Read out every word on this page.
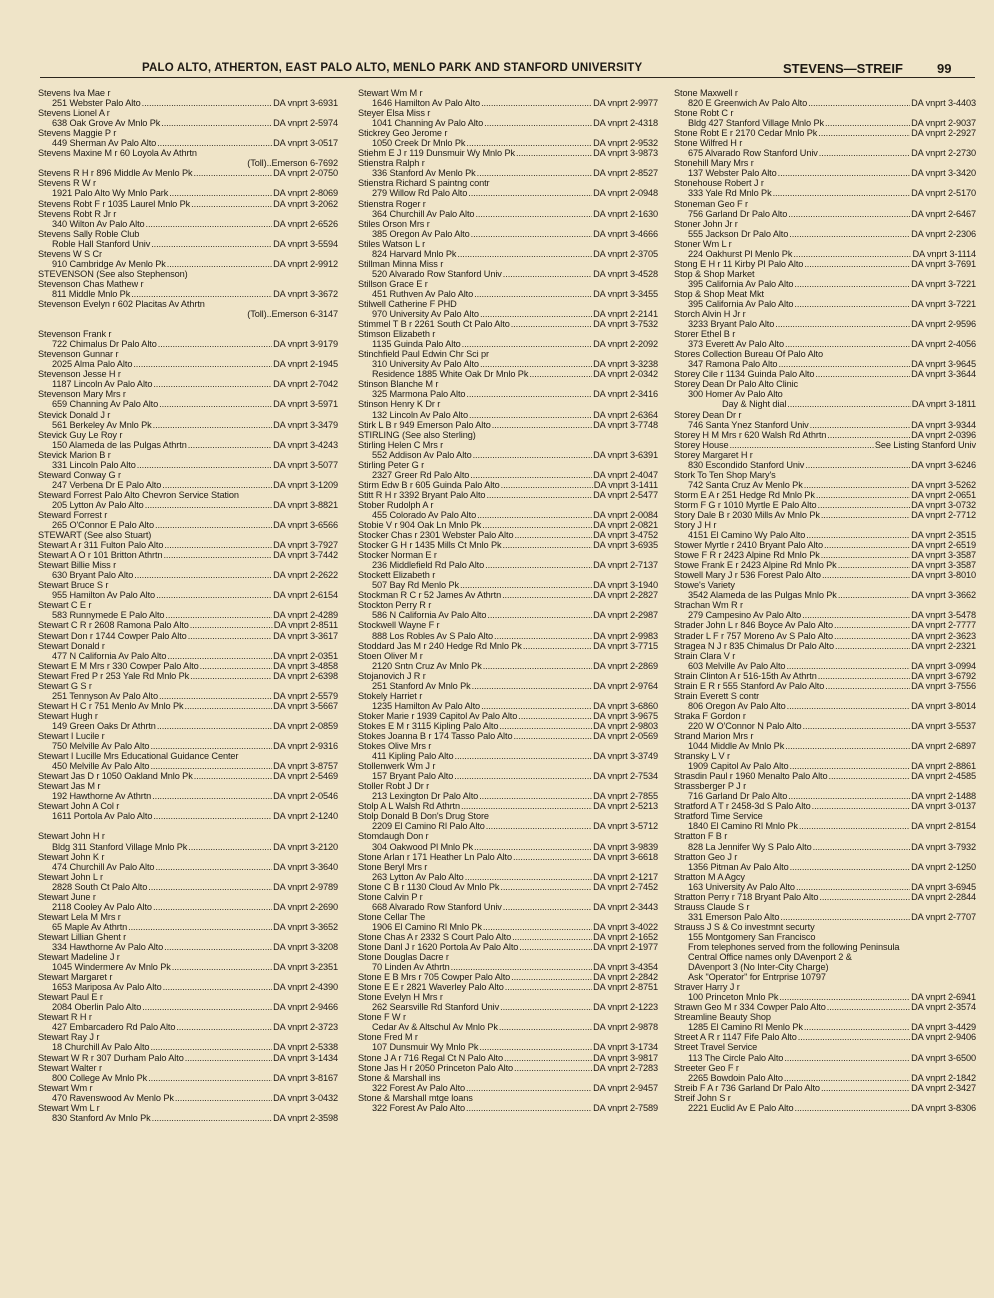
PALO ALTO, ATHERTON, EAST PALO ALTO, MENLO PARK AND STANFORD UNIVERSITY	STEVENS—STREIF	99
Stevens Iva Mae r
251 Webster Palo Alto .....	DA vnprt 3-6931
Stevens Lionel A r
638 Oak Grove Av Mnlo Pk .....	DA vnprt 2-5974
Stevens Maggie P r
449 Sherman Av Palo Alto .....	DA vnprt 3-0517
Stevens Maxine M r 60 Loyola Av Athrtn
(Toll)..Emerson 6-7692
Stevens R H r 896 Middle Av Menlo Pk .....	DA vnprt 2-0750
Stevens R W r
1921 Palo Alto Wy Mnlo Park .....	DA vnprt 2-8069
Stevens Robt F r 1035 Laurel Mnlo Pk .....	DA vnprt 3-2062
Stevens Robt R Jr r
340 Wilton Av Palo Alto .....	DA vnprt 2-6526
Stevens Sally Roble Club
Roble Hall Stanford Univ .....	DA vnprt 3-5594
Stevens W S Cr
910 Cambridge Av Menlo Pk .....	DA vnprt 2-9912
STEVENSON (See also Stephenson)
Stevenson Chas Mathew r
811 Middle Mnlo Pk .....	DA vnprt 3-3672
Stevenson Evelyn r 602 Placitas Av Athrtn
(Toll)..Emerson 6-3147
Stevenson Frank r
722 Chimalus Dr Palo Alto .....	DA vnprt 3-9179
Stevenson Gunnar r
2025 Alma Palo Alto .....	DA vnprt 2-1945
Stevenson Jesse H r
1187 Lincoln Av Palo Alto .....	DA vnprt 2-7042
Stevenson Mary Mrs r
659 Channing Av Palo Alto .....	DA vnprt 3-5971
Stevick Donald J r
561 Berkeley Av Mnlo Pk .....	DA vnprt 3-3479
Stevick Guy Le Roy r
150 Alameda de las Pulgas Athrtn .....	DA vnprt 3-4243
Stevick Marion B r
331 Lincoln Palo Alto .....	DA vnprt 3-5077
Steward Conway G r
247 Verbena Dr E Palo Alto .....	DA vnprt 3-1209
Steward Forrest Palo Alto Chevron Service Station
205 Lytton Av Palo Alto .....	DA vnprt 3-8821
Steward Forrest r
265 O'Connor E Palo Alto .....	DA vnprt 3-6566
STEWART (See also Stuart)
Stewart A r 311 Fulton Palo Alto .....	DA vnprt 3-7927
Stewart A O r 101 Britton Athrtn .....	DA vnprt 3-7442
Stewart Billie Miss r
630 Bryant Palo Alto .....	DA vnprt 2-2622
Stewart Bruce S r
955 Hamilton Av Palo Alto .....	DA vnprt 2-6154
Stewart C E r
583 Runnymede E Palo Alto .....	DA vnprt 2-4289
Stewart C R r 2608 Ramona Palo Alto .....	DA vnprt 2-8511
Stewart Don r 1744 Cowper Palo Alto .....	DA vnprt 3-3617
Stewart Donald r
477 N California Av Palo Alto .....	DA vnprt 2-0351
Stewart E M Mrs r 330 Cowper Palo Alto .....	DA vnprt 3-4858
Stewart Fred P r 253 Yale Rd Mnlo Pk .....	DA vnprt 2-6398
Stewart G S r
251 Tennyson Av Palo Alto .....	DA vnprt 2-5579
Stewart H C r 751 Menlo Av Mnlo Pk .....	DA vnprt 3-5667
Stewart Hugh r
149 Green Oaks Dr Athrtn .....	DA vnprt 2-0859
Stewart I Lucile r
750 Melville Av Palo Alto .....	DA vnprt 2-9316
Stewart I Lucille Mrs Educational Guidance Center
450 Melville Av Palo Alto .....	DA vnprt 3-8757
Stewart Jas D r 1050 Oakland Mnlo Pk .....	DA vnprt 2-5469
Stewart Jas M r
192 Hawthorne Av Athrtn .....	DA vnprt 2-0546
Stewart John A Col r
1611 Portola Av Palo Alto .....	DA vnprt 2-1240
Stewart John H r
Bldg 311 Stanford Village Mnlo Pk .....	DA vnprt 3-2120
Stewart John K r
474 Churchill Av Palo Alto .....	DA vnprt 3-3640
Stewart John L r
2828 South Ct Palo Alto .....	DA vnprt 2-9789
Stewart June r
2118 Cooley Av Palo Alto .....	DA vnprt 2-2690
Stewart Lela M Mrs r
65 Maple Av Athrtn .....	DA vnprt 3-3652
Stewart Lillian Ghent r
334 Hawthorne Av Palo Alto .....	DA vnprt 3-3208
Stewart Madeline J r
1045 Windermere Av Mnlo Pk .....	DA vnprt 3-2351
Stewart Margaret r
1653 Mariposa Av Palo Alto .....	DA vnprt 2-4390
Stewart Paul E r
2084 Oberlin Palo Alto .....	DA vnprt 2-9466
Stewart R H r
427 Embarcadero Rd Palo Alto .....	DA vnprt 2-3723
Stewart Ray J r
18 Churchill Av Palo Alto .....	DA vnprt 2-5338
Stewart W R r 307 Durham Palo Alto .....	DA vnprt 3-1434
Stewart Walter r
800 College Av Mnlo Pk .....	DA vnprt 3-8167
Stewart Wm r
470 Ravenswood Av Menlo Pk .....	DA vnprt 3-0432
Stewart Wm L r
830 Stanford Av Mnlo Pk .....	DA vnprt 2-3598
Stewart Wm M r
1646 Hamilton Av Palo Alto .....	DA vnprt 2-9977
Steyer Elsa Miss r
1041 Channing Av Palo Alto .....	DA vnprt 2-4318
Stickrey Geo Jerome r
1050 Creek Dr Mnlo Pk .....	DA vnprt 2-9532
Stiehm E J r 119 Dunsmuir Wy Mnlo Pk .....	DA vnprt 3-9873
Stienstra Ralph r
336 Stanford Av Menlo Pk .....	DA vnprt 2-8527
Stienstra Richard S paintng contr
279 Willow Rd Palo Alto .....	DA vnprt 2-0948
Stienstra Roger r
364 Churchill Av Palo Alto .....	DA vnprt 2-1630
Stiles Orson Mrs r
385 Oregon Av Palo Alto .....	DA vnprt 3-4666
Stiles Watson L r
824 Harvard Mnlo Pk .....	DA vnprt 2-3705
Stillman Minna Miss r
520 Alvarado Row Stanford Univ .....	DA vnprt 3-4528
Stillson Grace E r
451 Ruthven Av Palo Alto .....	DA vnprt 3-3455
Stilwell Catherine F PHD
970 University Av Palo Alto .....	DA vnprt 2-2141
Stimmel T B r 2261 South Ct Palo Alto .....	DA vnprt 3-7532
Stimson Elizabeth r
1135 Guinda Palo Alto .....	DA vnprt 2-2092
Stinchfield Paul Edwin Chr Sci pr
310 University Av Palo Alto .....	DA vnprt 3-3238
Residence 1885 White Oak Dr Mnlo Pk .....	DA vnprt 2-0342
Stinson Blanche M r
325 Marmona Palo Alto .....	DA vnprt 2-3416
Stinson Henry K Dr r
132 Lincoln Av Palo Alto .....	DA vnprt 2-6364
Stirk L B r 949 Emerson Palo Alto .....	DA vnprt 3-7748
STIRLING (See also Sterling)
Stirling Helen C Mrs r
552 Addison Av Palo Alto .....	DA vnprt 3-6391
Stirling Peter G r
2327 Greer Rd Palo Alto .....	DA vnprt 2-4047
Stirm Edw B r 605 Guinda Palo Alto .....	DA vnprt 3-1411
Stitt R H r 3392 Bryant Palo Alto .....	DA vnprt 2-5477
Stober Rudolph A r
455 Colorado Av Palo Alto .....	DA vnprt 2-0084
Stobie V r 904 Oak Ln Mnlo Pk .....	DA vnprt 2-0821
Stocker Chas r 2301 Webster Palo Alto .....	DA vnprt 3-4752
Stocker G H r 1435 Mills Ct Mnlo Pk .....	DA vnprt 3-6935
Stocker Norman E r
236 Middlefield Rd Palo Alto .....	DA vnprt 2-7137
Stockett Elizabeth r
507 Bay Rd Menlo Pk .....	DA vnprt 3-1940
Stockman R C r 52 James Av Athrtn .....	DA vnprt 2-2827
Stockton Perry R r
586 N California Av Palo Alto .....	DA vnprt 2-2987
Stockwell Wayne F r
888 Los Robles Av S Palo Alto .....	DA vnprt 2-9983
Stoddard Jas M r 240 Hedge Rd Mnlo Pk .....	DA vnprt 3-7715
Stoen Oliver M r
2120 Sntn Cruz Av Mnlo Pk .....	DA vnprt 2-2869
Stojanovich J R r
251 Stanford Av Mnlo Pk .....	DA vnprt 2-9764
Stokely Harriet r
1235 Hamilton Av Palo Alto .....	DA vnprt 3-6860
Stoker Marie r 1939 Capitol Av Palo Alto .....	DA vnprt 3-9675
Stokes E M r 3115 Kipling Palo Alto .....	DA vnprt 2-9803
Stokes Joanna B r 174 Tasso Palo Alto .....	DA vnprt 2-0569
Stokes Olive Mrs r
411 Kipling Palo Alto .....	DA vnprt 3-3749
Stollenwerk Wm J r
157 Bryant Palo Alto .....	DA vnprt 2-7534
Stoller Robt J Dr r
213 Lexington Dr Palo Alto .....	DA vnprt 2-7855
Stolp A L Walsh Rd Athrtn .....	DA vnprt 2-5213
Stolp Donald B Don's Drug Store
2209 El Camino Rl Palo Alto .....	DA vnprt 3-5712
Stomdaugh Don r
304 Oakwood Pl Mnlo Pk .....	DA vnprt 3-9839
Stone Arlan r 171 Heather Ln Palo Alto .....	DA vnprt 3-6618
Stone Beryl Mrs r
263 Lytton Av Palo Alto .....	DA vnprt 2-1217
Stone C B r 1130 Cloud Av Mnlo Pk .....	DA vnprt 2-7452
Stone Calvin P r
668 Alvarado Row Stanford Univ .....	DA vnprt 2-3443
Stone Cellar The
1906 El Camino Rl Mnlo Pk .....	DA vnprt 3-4022
Stone Chas A r 2332 S Court Palo Alto .....	DA vnprt 2-1652
Stone Danl J r 1620 Portola Av Palo Alto .....	DA vnprt 2-1977
Stone Douglas Dacre r
70 Linden Av Athrtn .....	DA vnprt 3-4354
Stone E B Mrs r 705 Cowper Palo Alto .....	DA vnprt 2-2842
Stone E E r 2821 Waverley Palo Alto .....	DA vnprt 2-8751
Stone Evelyn H Mrs r
262 Searsville Rd Stanford Univ .....	DA vnprt 2-1223
Stone F W r
Cedar Av & Altschul Av Mnlo Pk .....	DA vnprt 2-9878
Stone Fred M r
107 Dunsmuir Wy Mnlo Pk .....	DA vnprt 3-1734
Stone J A r 716 Regal Ct N Palo Alto .....	DA vnprt 3-9817
Stone Jas H r 2050 Princeton Palo Alto .....	DA vnprt 2-7283
Stone & Marshall ins
322 Forest Av Palo Alto .....	DA vnprt 2-9457
Stone & Marshall mtge loans
322 Forest Av Palo Alto .....	DA vnprt 2-7589
Stone Maxwell r
820 E Greenwich Av Palo Alto .....	DA vnprt 3-4403
Stone Robt C r
Bldg 427 Stanford Village Mnlo Pk .....	DA vnprt 2-9037
Stone Robt E r 2170 Cedar Mnlo Pk .....	DA vnprt 2-2927
Stone Wilfred H r
675 Alvarado Row Stanford Univ .....	DA vnprt 2-2730
Stonehill Mary Mrs r
137 Webster Palo Alto .....	DA vnprt 3-3420
Stonehouse Robert J r
333 Yale Rd Mnlo Pk .....	DA vnprt 2-5170
Stoneman Geo F r
756 Garland Dr Palo Alto .....	DA vnprt 2-6467
Stoner John Jr r
555 Jackson Dr Palo Alto .....	DA vnprt 2-2306
Stoner Wm L r
224 Oakhurst Pl Menlo Pk .....	DA vnprt 3-1114
Stong E H r 11 Kirby Pl Palo Alto .....	DA vnprt 3-7691
Stop & Shop Market
395 California Av Palo Alto .....	DA vnprt 3-7221
Stop & Shop Meat Mkt
395 California Av Palo Alto .....	DA vnprt 3-7221
Storch Alvin H Jr r
3233 Bryant Palo Alto .....	DA vnprt 2-9596
Storer Ethel B r
373 Everett Av Palo Alto .....	DA vnprt 2-4056
Stores Collection Bureau Of Palo Alto
347 Ramona Palo Alto .....	DA vnprt 3-9645
Storey Cile r 1134 Guinda Palo Alto .....	DA vnprt 3-3644
Storey Dean Dr Palo Alto Clinic
300 Homer Av Palo Alto
Day & Night dial .....	DA vnprt 3-1811
Storey Dean Dr r
746 Santa Ynez Stanford Univ .....	DA vnprt 3-9344
Storey H M Mrs r 620 Walsh Rd Athrtn .....	DA vnprt 2-0396
Storey House .....	See Listing Stanford Univ
Storey Margaret H r
830 Escondido Stanford Univ .....	DA vnprt 3-6246
Stork To Ten Shop Mary's
742 Santa Cruz Av Menlo Pk .....	DA vnprt 3-5262
Storm E A r 251 Hedge Rd Mnlo Pk .....	DA vnprt 2-0651
Storm F G r 1010 Myrtle E Palo Alto .....	DA vnprt 3-0732
Story Dale B r 2030 Mills Av Mnlo Pk .....	DA vnprt 2-7712
Story J H r
4151 El Camino Wy Palo Alto .....	DA vnprt 2-3515
Stower Myrtle r 2410 Bryant Palo Alto .....	DA vnprt 2-6519
Stowe F R r 2423 Alpine Rd Mnlo Pk .....	DA vnprt 3-3587
Stowe Frank E r 2423 Alpine Rd Mnlo Pk .....	DA vnprt 3-3587
Stowell Mary J r 536 Forest Palo Alto .....	DA vnprt 3-8010
Stowe's Variety
3542 Alameda de las Pulgas Mnlo Pk .....	DA vnprt 3-3662
Strachan Wm R r
279 Campesino Av Palo Alto .....	DA vnprt 3-5478
Strader John L r 846 Boyce Av Palo Alto .....	DA vnprt 2-7777
Strader L F r 757 Moreno Av S Palo Alto .....	DA vnprt 2-3623
Stragea N J r 835 Chimalus Dr Palo Alto .....	DA vnprt 2-2321
Strain Clara V r
603 Melville Av Palo Alto .....	DA vnprt 3-0994
Strain Clinton A r 516-15th Av Athrtn .....	DA vnprt 3-6792
Strain E R r 555 Stanford Av Palo Alto .....	DA vnprt 3-7556
Strain Everett S contr
806 Oregon Av Palo Alto .....	DA vnprt 3-8014
Straka F Gordon r
220 W O'Connor N Palo Alto .....	DA vnprt 3-5537
Strand Marion Mrs r
1044 Middle Av Mnlo Pk .....	DA vnprt 2-6897
Stransky L V r
1909 Capitol Av Palo Alto .....	DA vnprt 2-8861
Strasdin Paul r 1960 Menalto Palo Alto .....	DA vnprt 2-4585
Strassberger P J r
716 Garland Dr Palo Alto .....	DA vnprt 2-1488
Stratford A T r 2458-3d S Palo Alto .....	DA vnprt 3-0137
Stratford Time Service
1840 El Camino Rl Mnlo Pk .....	DA vnprt 2-8154
Stratton F B r
828 La Jennifer Wy S Palo Alto .....	DA vnprt 3-7932
Stratton Geo J r
1356 Pitman Av Palo Alto .....	DA vnprt 2-1250
Stratton M A Agcy
163 University Av Palo Alto .....	DA vnprt 3-6945
Stratton Perry r 718 Bryant Palo Alto .....	DA vnprt 2-2844
Strauss Claude S r
331 Emerson Palo Alto .....	DA vnprt 2-7707
Strauss J S & Co investmnt securty
155 Montgomery San Francisco
From telephones served from the following Peninsula
Central Office names only DAvenport 2 &
DAvenport 3 (No Inter-City Charge)
Ask "Operator" for Entrprise 10797
Straver Harry J r
100 Princeton Mnlo Pk .....	DA vnprt 2-6941
Strawn Geo M r 334 Cowper Palo Alto .....	DA vnprt 2-3574
Streamline Beauty Shop
1285 El Camino Rl Menlo Pk .....	DA vnprt 3-4429
Street A R r 1147 Fife Palo Alto .....	DA vnprt 2-9406
Street Travel Service
113 The Circle Palo Alto .....	DA vnprt 3-6500
Streeter Geo F r
2265 Bowdoin Palo Alto .....	DA vnprt 2-1842
Streib F A r 736 Garland Dr Palo Alto .....	DA vnprt 2-3427
Streif John S r
2221 Euclid Av E Palo Alto .....	DA vnprt 3-8306
